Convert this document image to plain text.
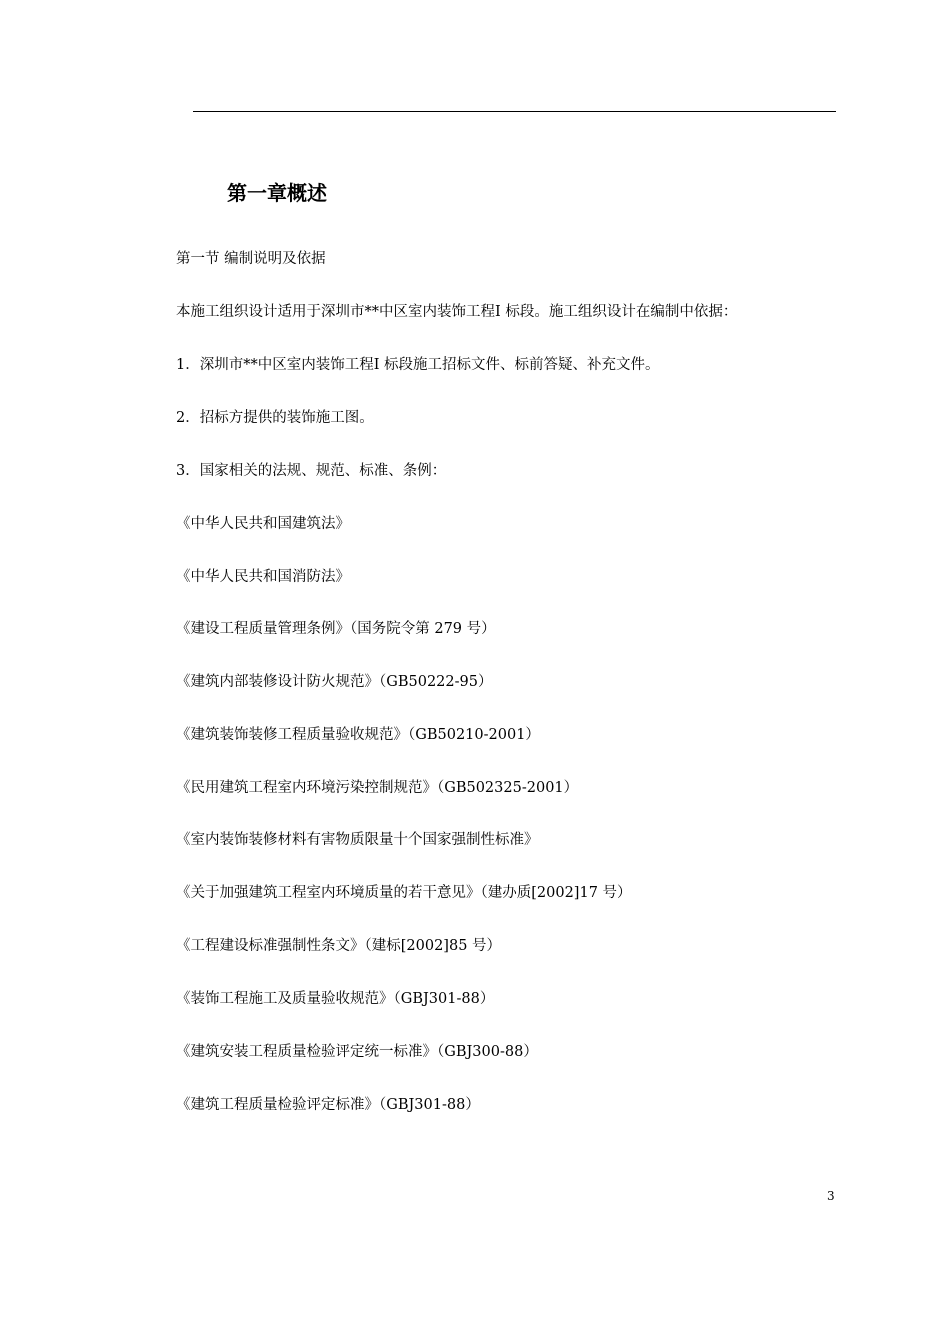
第一章概述
第一节 编制说明及依据
本施工组织设计适用于深圳市**中区室内装饰工程Ⅰ 标段。施工组织设计在编制中依据：
1．深圳市**中区室内装饰工程Ⅰ 标段施工招标文件、标前答疑、补充文件。
2．招标方提供的装饰施工图。
3．国家相关的法规、规范、标准、条例：
《中华人民共和国建筑法》
《中华人民共和国消防法》
《建设工程质量管理条例》（国务院令第 279 号）
《建筑内部装修设计防火规范》（GB50222-95）
《建筑装饰装修工程质量验收规范》（GB50210-2001）
《民用建筑工程室内环境污染控制规范》（GB502325-2001）
《室内装饰装修材料有害物质限量十个国家强制性标准》
《关于加强建筑工程室内环境质量的若干意见》（建办质[2002]17 号）
《工程建设标准强制性条文》（建标[2002]85 号）
《装饰工程施工及质量验收规范》（GBJ301-88）
《建筑安装工程质量检验评定统一标准》（GBJ300-88）
《建筑工程质量检验评定标准》（GBJ301-88）
3
